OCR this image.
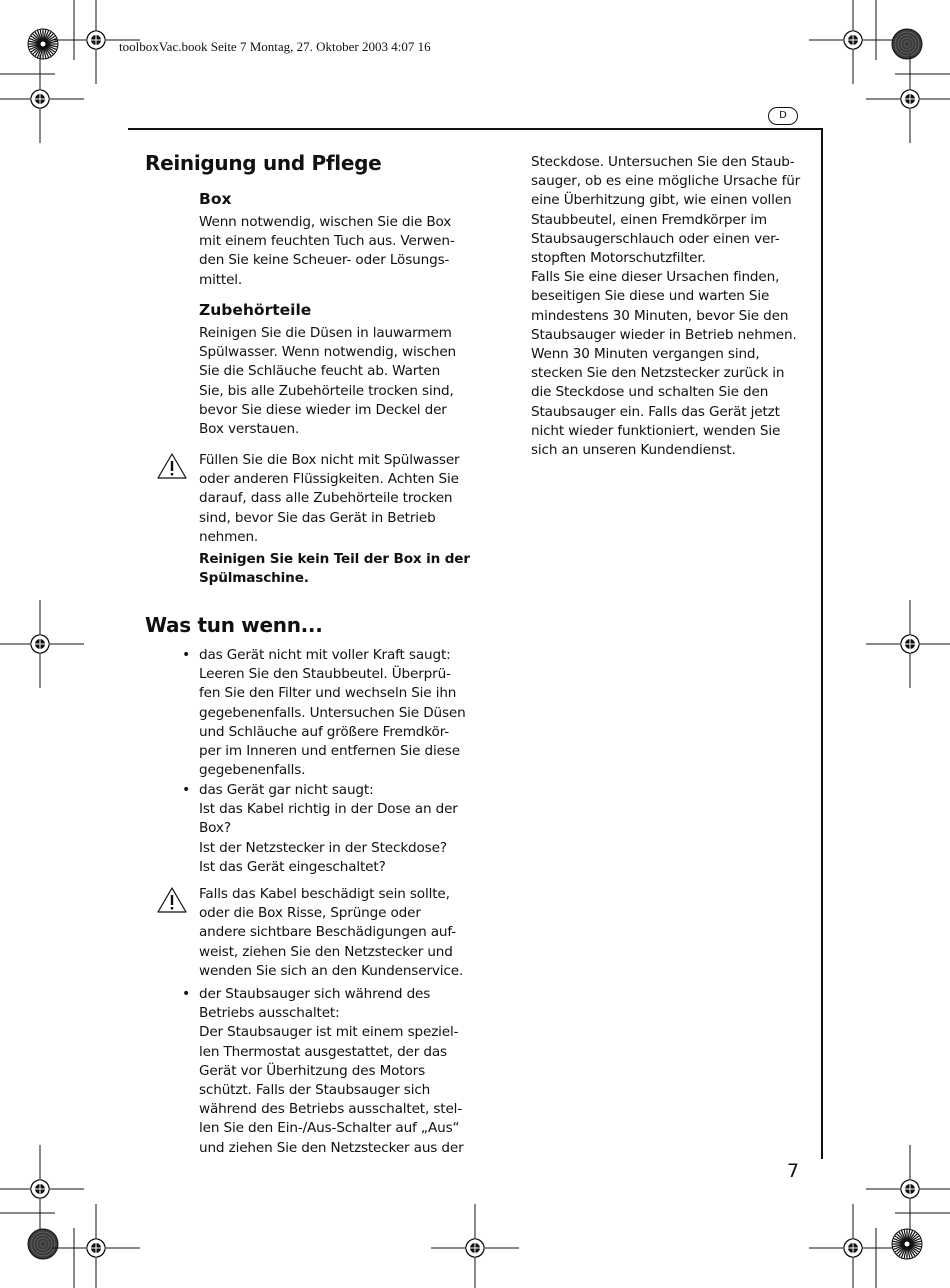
toolboxVac.book Seite 7 Montag, 27. Oktober 2003 4:07 16
D
Reinigung und Pflege
Box
Wenn notwendig, wischen Sie die Box
mit einem feuchten Tuch aus. Verwen-
den Sie keine Scheuer- oder Lösungs-
mittel.
Zubehörteile
Reinigen Sie die Düsen in lauwarmem
Spülwasser. Wenn notwendig, wischen
Sie die Schläuche feucht ab. Warten
Sie, bis alle Zubehörteile trocken sind,
bevor Sie diese wieder im Deckel der
Box verstauen.
Füllen Sie die Box nicht mit Spülwasser
oder anderen Flüssigkeiten. Achten Sie
darauf, dass alle Zubehörteile trocken
sind, bevor Sie das Gerät in Betrieb
nehmen.
Reinigen Sie kein Teil der Box in der
Spülmaschine.
Was tun wenn...
• das Gerät nicht mit voller Kraft saugt:
Leeren Sie den Staubbeutel. Überprü-
fen Sie den Filter und wechseln Sie ihn
gegebenenfalls. Untersuchen Sie Düsen
und Schläuche auf größere Fremdkör-
per im Inneren und entfernen Sie diese
gegebenenfalls.
• das Gerät gar nicht saugt:
Ist das Kabel richtig in der Dose an der
Box?
Ist der Netzstecker in der Steckdose?
Ist das Gerät eingeschaltet?
Falls das Kabel beschädigt sein sollte,
oder die Box Risse, Sprünge oder
andere sichtbare Beschädigungen auf-
weist, ziehen Sie den Netzstecker und
wenden Sie sich an den Kundenservice.
• der Staubsauger sich während des
Betriebs ausschaltet:
Der Staubsauger ist mit einem speziel-
len Thermostat ausgestattet, der das
Gerät vor Überhitzung des Motors
schützt. Falls der Staubsauger sich
während des Betriebs ausschaltet, stel-
len Sie den Ein-/Aus-Schalter auf „Aus“
und ziehen Sie den Netzstecker aus der
Steckdose. Untersuchen Sie den Staub-
sauger, ob es eine mögliche Ursache für
eine Überhitzung gibt, wie einen vollen
Staubbeutel, einen Fremdkörper im
Staubsaugerschlauch oder einen ver-
stopften Motorschutzfilter.
Falls Sie eine dieser Ursachen finden,
beseitigen Sie diese und warten Sie
mindestens 30 Minuten, bevor Sie den
Staubsauger wieder in Betrieb nehmen.
Wenn 30 Minuten vergangen sind,
stecken Sie den Netzstecker zurück in
die Steckdose und schalten Sie den
Staubsauger ein. Falls das Gerät jetzt
nicht wieder funktioniert, wenden Sie
sich an unseren Kundendienst.
7
